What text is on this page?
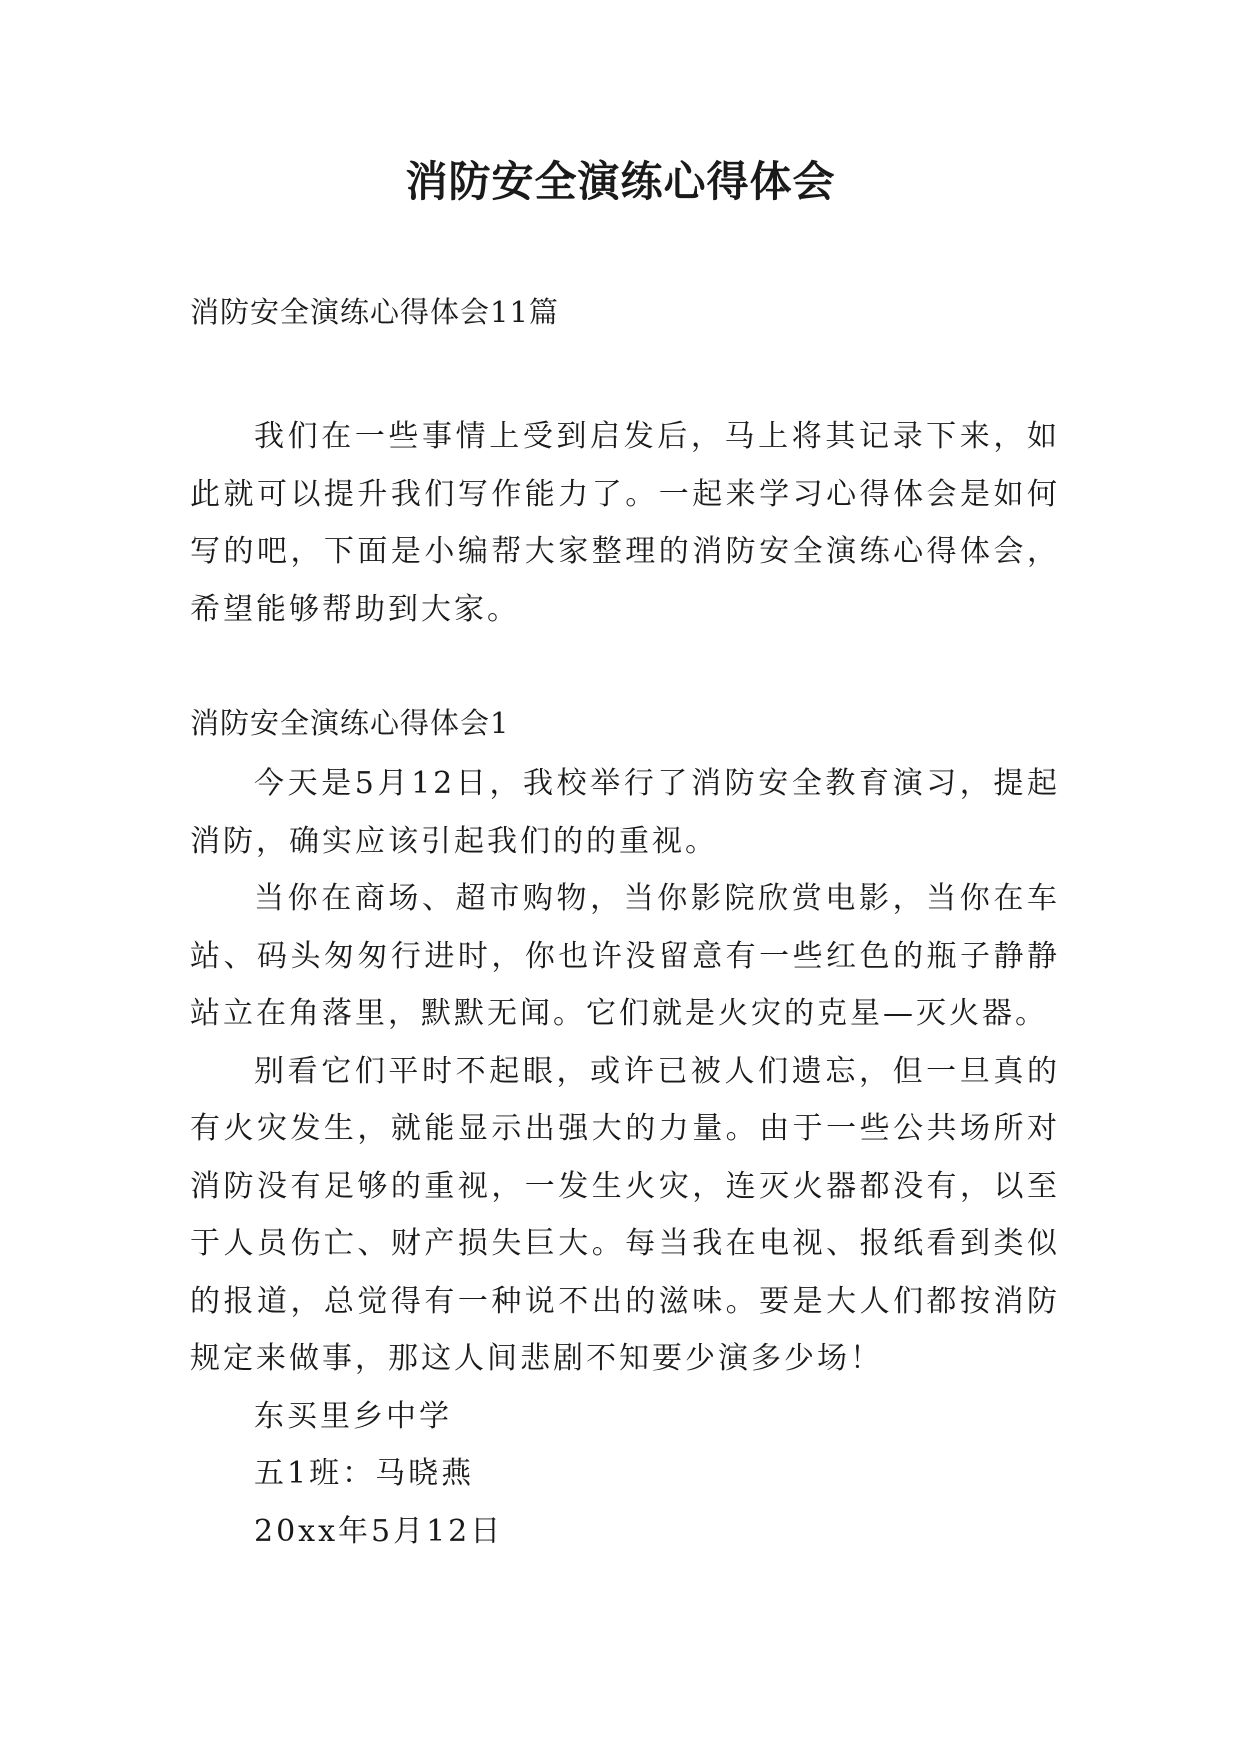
消防安全演练心得体会

消防安全演练心得体会11篇

我们在一些事情上受到启发后，马上将其记录下来，如此就可以提升我们写作能力了。一起来学习心得体会是如何写的吧，下面是小编帮大家整理的消防安全演练心得体会，希望能够帮助到大家。

消防安全演练心得体会1

今天是5月12日，我校举行了消防安全教育演习，提起消防，确实应该引起我们的的重视。

当你在商场、超市购物，当你影院欣赏电影，当你在车站、码头匆匆行进时，你也许没留意有一些红色的瓶子静静站立在角落里，默默无闻。它们就是火灾的克星—灭火器。

别看它们平时不起眼，或许已被人们遗忘，但一旦真的有火灾发生，就能显示出强大的力量。由于一些公共场所对消防没有足够的重视，一发生火灾，连灭火器都没有，以至于人员伤亡、财产损失巨大。每当我在电视、报纸看到类似的报道，总觉得有一种说不出的滋味。要是大人们都按消防规定来做事，那这人间悲剧不知要少演多少场！

东买里乡中学

五1班：马晓燕

20xx年5月12日
